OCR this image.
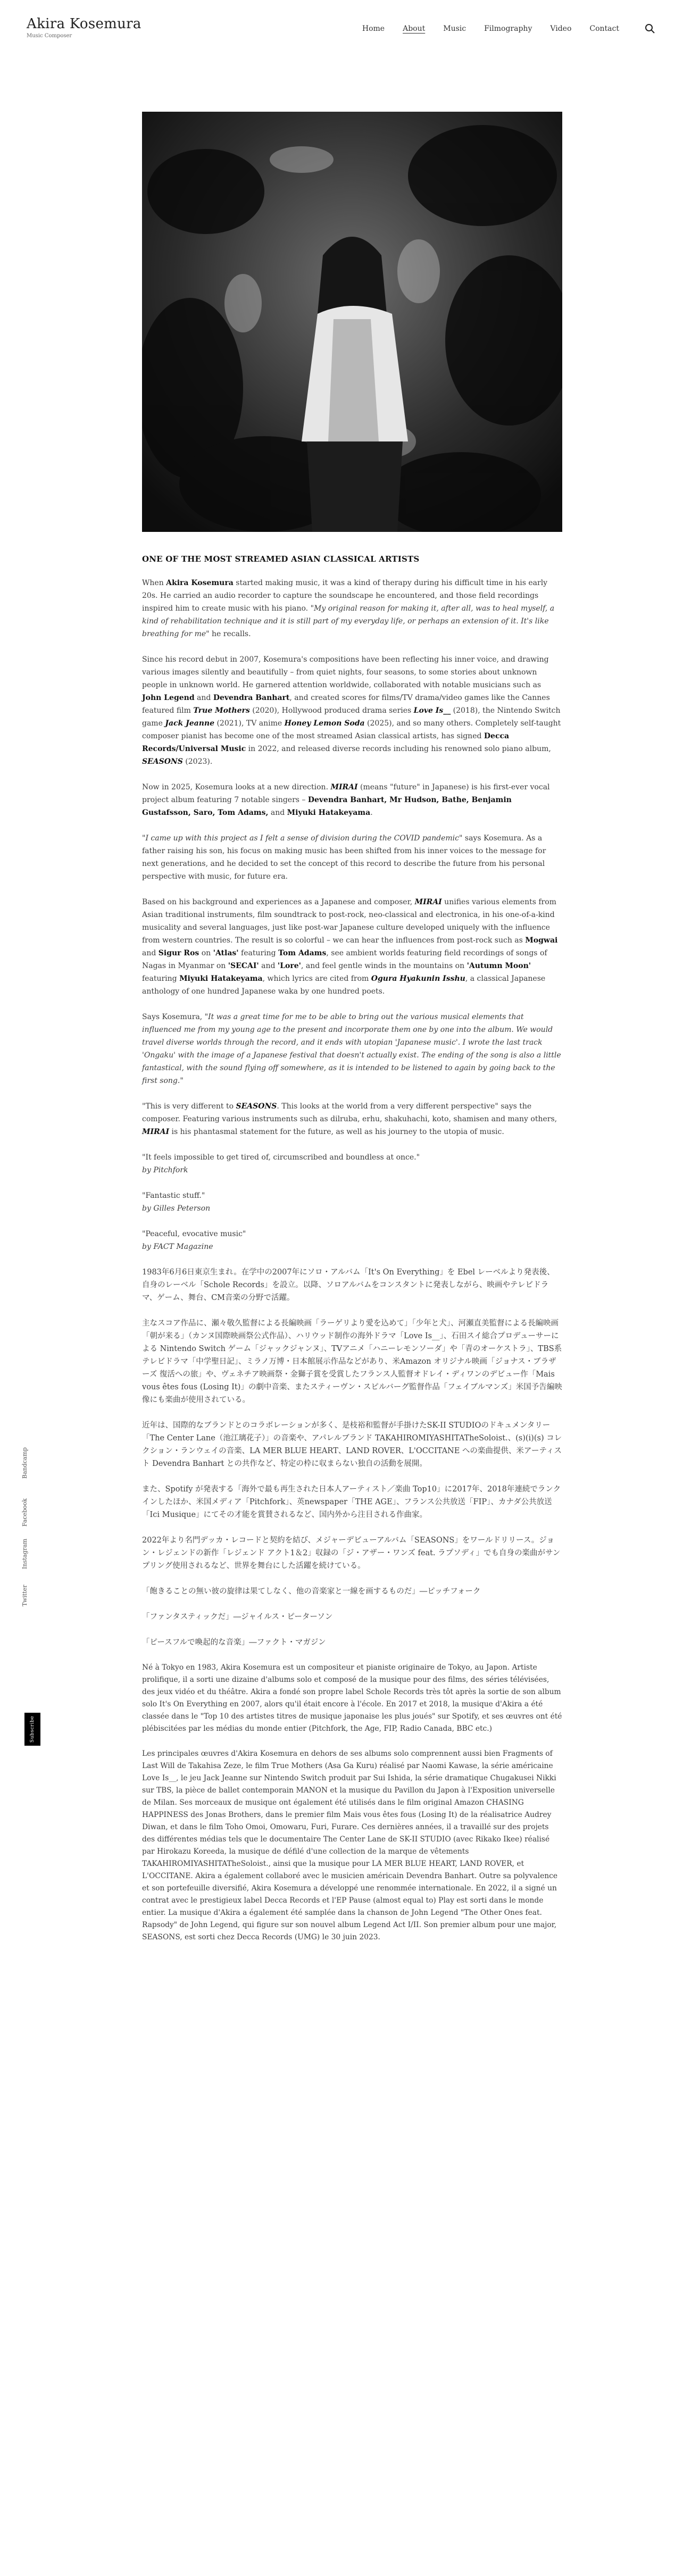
Akira Kosemura
Music Composer
Home About Music Filmography Video Contact
Twitter
Instagram
Facebook
Bandcamp
Subscribe
ONE OF THE MOST STREAMED ASIAN CLASSICAL ARTISTS

When Akira Kosemura started making music, it was a kind of therapy during his difficult time in his early 20s. He carried an audio recorder to capture the soundscape he encountered, and those field recordings inspired him to create music with his piano. "My original reason for making it, after all, was to heal myself, a kind of rehabilitation technique and it is still part of my everyday life, or perhaps an extension of it. It's like breathing for me" he recalls.

Since his record debut in 2007, Kosemura's compositions have been reflecting his inner voice, and drawing various images silently and beautifully – from quiet nights, four seasons, to some stories about unknown people in unknown world. He garnered attention worldwide, collaborated with notable musicians such as John Legend and Devendra Banhart, and created scores for films/TV drama/video games like the Cannes featured film True Mothers (2020), Hollywood produced drama series Love Is__ (2018), the Nintendo Switch game Jack Jeanne (2021), TV anime Honey Lemon Soda (2025), and so many others. Completely self-taught composer pianist has become one of the most streamed Asian classical artists, has signed Decca Records/Universal Music in 2022, and released diverse records including his renowned solo piano album, SEASONS (2023).

Now in 2025, Kosemura looks at a new direction. MIRAI (means "future" in Japanese) is his first-ever vocal project album featuring 7 notable singers – Devendra Banhart, Mr Hudson, Bathe, Benjamin Gustafsson, Saro, Tom Adams, and Miyuki Hatakeyama.

"I came up with this project as I felt a sense of division during the COVID pandemic" says Kosemura. As a father raising his son, his focus on making music has been shifted from his inner voices to the message for next generations, and he decided to set the concept of this record to describe the future from his personal perspective with music, for future era.

Based on his background and experiences as a Japanese and composer, MIRAI unifies various elements from Asian traditional instruments, film soundtrack to post-rock, neo-classical and electronica, in his one-of-a-kind musicality and several languages, just like post-war Japanese culture developed uniquely with the influence from western countries. The result is so colorful – we can hear the influences from post-rock such as Mogwai and Sigur Ros on 'Atlas' featuring Tom Adams, see ambient worlds featuring field recordings of songs of Nagas in Myanmar on 'SECAI' and 'Lore', and feel gentle winds in the mountains on 'Autumn Moon' featuring Miyuki Hatakeyama, which lyrics are cited from Ogura Hyakunin Isshu, a classical Japanese anthology of one hundred Japanese waka by one hundred poets.

Says Kosemura, "It was a great time for me to be able to bring out the various musical elements that influenced me from my young age to the present and incorporate them one by one into the album. We would travel diverse worlds through the record, and it ends with utopian 'Japanese music'. I wrote the last track 'Ongaku' with the image of a Japanese festival that doesn't actually exist. The ending of the song is also a little fantastical, with the sound flying off somewhere, as it is intended to be listened to again by going back to the first song."

"This is very different to SEASONS. This looks at the world from a very different perspective" says the composer. Featuring various instruments such as dilruba, erhu, shakuhachi, koto, shamisen and many others, MIRAI is his phantasmal statement for the future, as well as his journey to the utopia of music.

"It feels impossible to get tired of, circumscribed and boundless at once."
by Pitchfork

"Fantastic stuff."
by Gilles Peterson

"Peaceful, evocative music"
by FACT Magazine

1983年6月6日東京生まれ。在学中の2007年にソロ・アルバム「It's On Everything」を Ebel レーベルより発表後、自身のレーベル「Schole Records」を設立。以降、ソロアルバムをコンスタントに発表しながら、映画やテレビドラマ、ゲーム、舞台、CM音楽の分野で活躍。

主なスコア作品に、瀬々敬久監督による長編映画「ラーゲリより愛を込めて」「少年と犬」、河瀬直美監督による長編映画「朝が来る」（カンヌ国際映画祭公式作品）、ハリウッド制作の海外ドラマ「Love Is__」、石田スイ総合プロデューサーによる Nintendo Switch ゲーム「ジャックジャンヌ」、TVアニメ「ハニーレモンソーダ」や「青のオーケストラ」、TBS系テレビドラマ「中学聖日記」、ミラノ万博・日本館展示作品などがあり、米Amazon オリジナル映画「ジョナス・ブラザーズ 復活への旅」や、ヴェネチア映画祭・金獅子賞を受賞したフランス人監督オドレイ・ディワンのデビュー作「Mais vous êtes fous (Losing It)」の劇中音楽、またスティーヴン・スピルバーグ監督作品「フェイブルマンズ」米国予告編映像にも楽曲が使用されている。

近年は、国際的なブランドとのコラボレーションが多く、是枝裕和監督が手掛けたSK-II STUDIOのドキュメンタリー「The Center Lane（池江璃花子）」の音楽や、アパレルブランド TAKAHIROMIYASHITATheSoloist.、(s)(i)(s) コレクション・ランウェイの音楽、LA MER BLUE HEART、LAND ROVER、L'OCCITANE への楽曲提供、米アーティスト Devendra Banhart との共作など、特定の枠に収まらない独自の活動を展開。

また、Spotify が発表する「海外で最も再生された日本人アーティスト／楽曲 Top10」に2017年、2018年連続でランクインしたほか、米国メディア「Pitchfork」、英newspaper「THE AGE」、フランス公共放送「FIP」、カナダ公共放送「Ici Musique」にてその才能を賞賛されるなど、国内外から注目される作曲家。

2022年より名門デッカ・レコードと契約を結び、メジャーデビューアルバム「SEASONS」をワールドリリース。ジョン・レジェンドの新作「レジェンド アクト1＆2」収録の「ジ・アザー・ワンズ feat. ラプソディ」でも自身の楽曲がサンプリング使用されるなど、世界を舞台にした活躍を続けている。

「飽きることの無い彼の旋律は果てしなく、他の音楽家と一線を画するものだ」―ピッチフォーク

「ファンタスティックだ」―ジャイルス・ピーターソン

「ピースフルで喚起的な音楽」―ファクト・マガジン

Né à Tokyo en 1983, Akira Kosemura est un compositeur et pianiste originaire de Tokyo, au Japon. Artiste prolifique, il a sorti une dizaine d'albums solo et composé de la musique pour des films, des séries télévisées, des jeux vidéo et du théâtre. Akira a fondé son propre label Schole Records très tôt après la sortie de son album solo It's On Everything en 2007, alors qu'il était encore à l'école. En 2017 et 2018, la musique d'Akira a été classée dans le "Top 10 des artistes titres de musique japonaise les plus joués" sur Spotify, et ses œuvres ont été plébiscitées par les médias du monde entier (Pitchfork, the Age, FIP, Radio Canada, BBC etc.)

Les principales œuvres d'Akira Kosemura en dehors de ses albums solo comprennent aussi bien Fragments of Last Will de Takahisa Zeze, le film True Mothers (Asa Ga Kuru) réalisé par Naomi Kawase, la série américaine Love Is__, le jeu Jack Jeanne sur Nintendo Switch produit par Sui Ishida, la série dramatique Chugakusei Nikki sur TBS, la pièce de ballet contemporain MANON et la musique du Pavillon du Japon à l'Exposition universelle de Milan. Ses morceaux de musique ont également été utilisés dans le film original Amazon CHASING HAPPINESS des Jonas Brothers, dans le premier film Mais vous êtes fous (Losing It) de la réalisatrice Audrey Diwan, et dans le film Toho Omoi, Omowaru, Furi, Furare. Ces dernières années, il a travaillé sur des projets des différentes médias tels que le documentaire The Center Lane de SK-II STUDIO (avec Rikako Ikee) réalisé par Hirokazu Koreeda, la musique de défilé d'une collection de la marque de vêtements TAKAHIROMIYASHITATheSoloist., ainsi que la musique pour LA MER BLUE HEART, LAND ROVER, et L'OCCITANE. Akira a également collaboré avec le musicien américain Devendra Banhart. Outre sa polyvalence et son portefeuille diversifié, Akira Kosemura a développé une renommée internationale. En 2022, il a signé un contrat avec le prestigieux label Decca Records et l'EP Pause (almost equal to) Play est sorti dans le monde entier. La musique d'Akira a également été samplée dans la chanson de John Legend "The Other Ones feat. Rapsody" de John Legend, qui figure sur son nouvel album Legend Act I/II. Son premier album pour une major, SEASONS, est sorti chez Decca Records (UMG) le 30 juin 2023.
